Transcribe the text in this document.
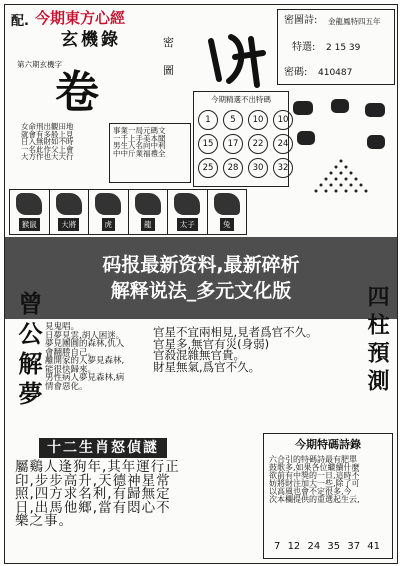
配. 今期東方心經
玄機錄	密
圖
密圖詩: 金龍鳳特四五年
特選: 2 15 39
密碼: 410487
第六期玄機字
卷
女命刑出觀田地
就會有多般上見
日入無財如不時
一名此作父上會
大方作也大天行
事業一局元碼文
一千上手美本聞
男生人名向中利
中中斤業福禮全
今期精選不出特碼
1	5	10	10
15	17	22	24
25	28	30	32
猴鼠	大將	虎	龍	太子	兔
码报最新资料,最新碎析
解释说法_多元文化版
曾公解夢 見鬼唱。
日夢見雲,胡人困迷。
夢見團圓的森林,仇人
會翻勝自己。
離開家的人夢見森林,
能很快歸來。
男性病人夢見森林,病
情會惡化。
官星不宜兩相見,見者爲官不久。
官星多,無官有災(身弱)
官殺混雜無官貴。
財星無氣,爲官不久。	四柱預測
十二生肖怒偵謎
屬鷄人逢狗年,其年運行正
印,步步高升,天德神星常
照,四方求名利,有歸無定
日,出馬他鄉,當有悶心不
樂之事。
今期特碼詩錄
六合引的特碼詩最有肥單
鼓歌多,如果各位繼續什麼
欲前有中獎的一日,這時不
妨將財注加大一些,除了可
以高風也會不定很多,今
次本欄提供的重選起生云,
7 12 24 35 37 41
